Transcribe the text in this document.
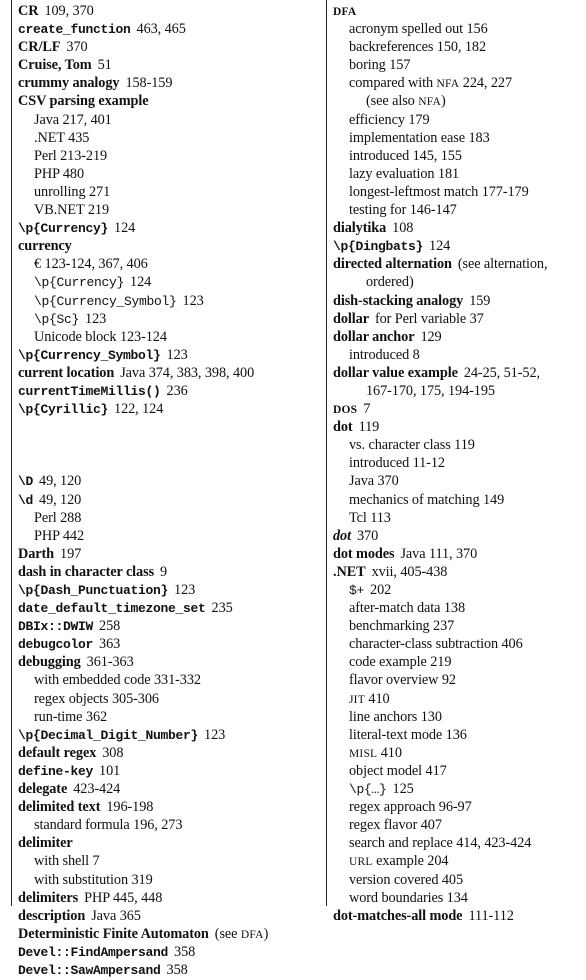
CR 109, 370
create_function 463, 465
CR/LF 370
Cruise, Tom 51
crummy analogy 158-159
CSV parsing example
Java 217, 401
.NET 435
Perl 213-219
PHP 480
unrolling 271
VB.NET 219
\p{Currency} 124
currency
€ 123-124, 367, 406
\p{Currency} 124
\p{Currency_Symbol} 123
\p{Sc} 123
Unicode block 123-124
\p{Currency_Symbol} 123
current location Java 374, 383, 398, 400
currentTimeMillis() 236
\p{Cyrillic} 122, 124
\D 49, 120
\d 49, 120
Perl 288
PHP 442
Darth 197
dash in character class 9
\p{Dash_Punctuation} 123
date_default_timezone_set 235
DBIx::DWIW 258
debugcolor 363
debugging 361-363
with embedded code 331-332
regex objects 305-306
run-time 362
\p{Decimal_Digit_Number} 123
default regex 308
define-key 101
delegate 423-424
delimited text 196-198
standard formula 196, 273
delimiter
with shell 7
with substitution 319
delimiters PHP 445, 448
description Java 365
Deterministic Finite Automaton (see DFA)
Devel::FindAmpersand 358
Devel::SawAmpersand 358
DFA
acronym spelled out 156
backreferences 150, 182
boring 157
compared with NFA 224, 227
(see also NFA)
efficiency 179
implementation ease 183
introduced 145, 155
lazy evaluation 181
longest-leftmost match 177-179
testing for 146-147
dialytika 108
\p{Dingbats} 124
directed alternation (see alternation,
ordered)
dish-stacking analogy 159
dollar for Perl variable 37
dollar anchor 129
introduced 8
dollar value example 24-25, 51-52,
167-170, 175, 194-195
DOS 7
dot 119
vs. character class 119
introduced 11-12
Java 370
mechanics of matching 149
Tcl 113
dot 370
dot modes Java 111, 370
.NET xvii, 405-438
$+ 202
after-match data 138
benchmarking 237
character-class subtraction 406
code example 219
flavor overview 92
JIT 410
line anchors 130
literal-text mode 136
MISL 410
object model 417
\p{…} 125
regex approach 96-97
regex flavor 407
search and replace 414, 423-424
URL example 204
version covered 405
word boundaries 134
dot-matches-all mode 111-112
